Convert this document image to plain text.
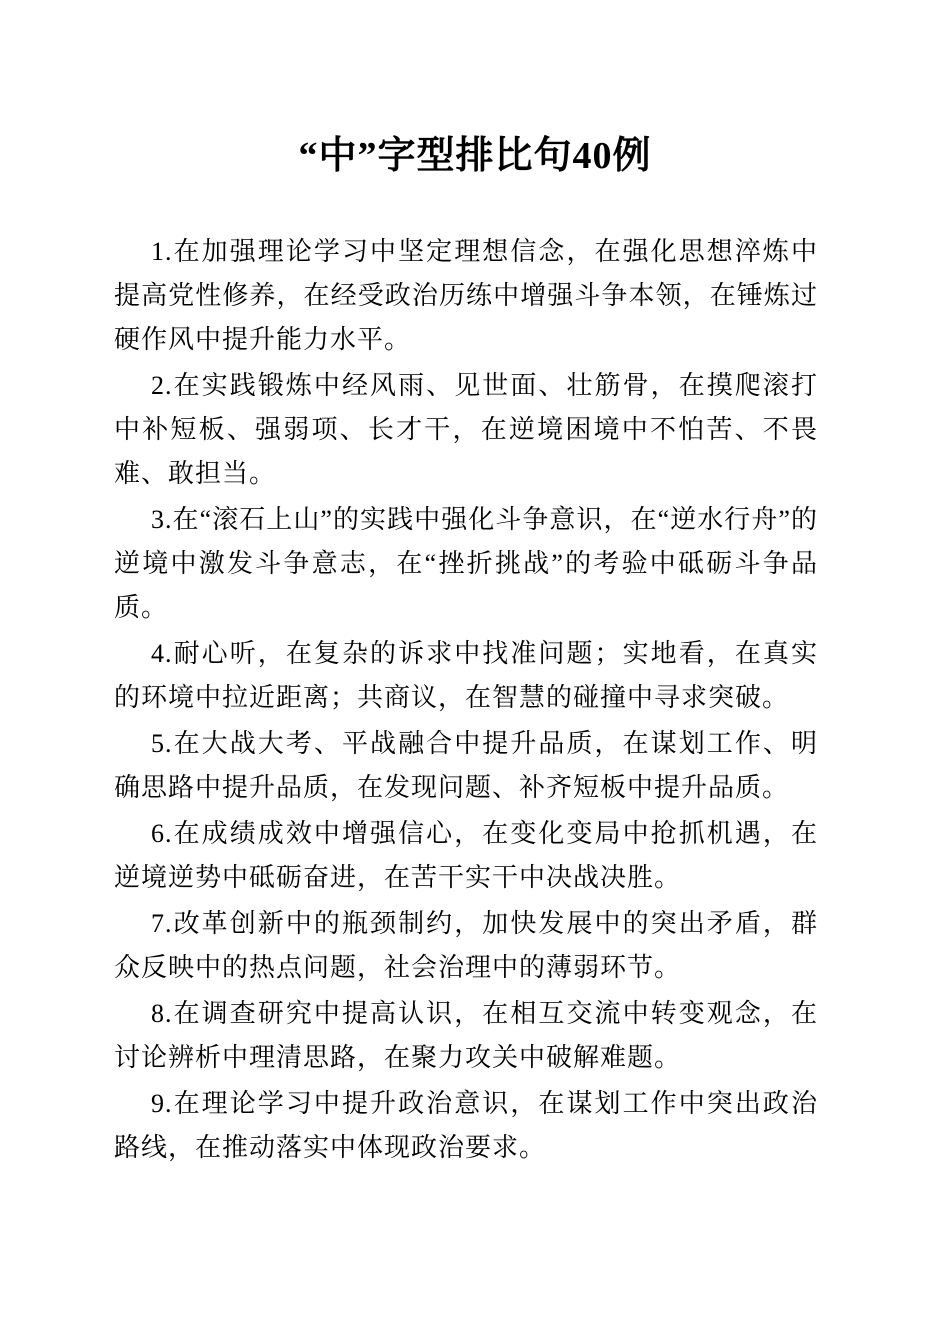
“中”字型排比句40例

1.在加强理论学习中坚定理想信念，在强化思想淬炼中提高党性修养，在经受政治历练中增强斗争本领，在锤炼过硬作风中提升能力水平。

2.在实践锻炼中经风雨、见世面、壮筋骨，在摸爬滚打中补短板、强弱项、长才干，在逆境困境中不怕苦、不畏难、敢担当。

3.在“滚石上山”的实践中强化斗争意识，在“逆水行舟”的逆境中激发斗争意志，在“挫折挑战”的考验中砥砺斗争品质。

4.耐心听，在复杂的诉求中找准问题；实地看，在真实的环境中拉近距离；共商议，在智慧的碰撞中寻求突破。

5.在大战大考、平战融合中提升品质，在谋划工作、明确思路中提升品质，在发现问题、补齐短板中提升品质。

6.在成绩成效中增强信心，在变化变局中抢抓机遇，在逆境逆势中砥砺奋进，在苦干实干中决战决胜。

7.改革创新中的瓶颈制约，加快发展中的突出矛盾，群众反映中的热点问题，社会治理中的薄弱环节。

8.在调查研究中提高认识，在相互交流中转变观念，在讨论辨析中理清思路，在聚力攻关中破解难题。

9.在理论学习中提升政治意识，在谋划工作中突出政治路线，在推动落实中体现政治要求。
